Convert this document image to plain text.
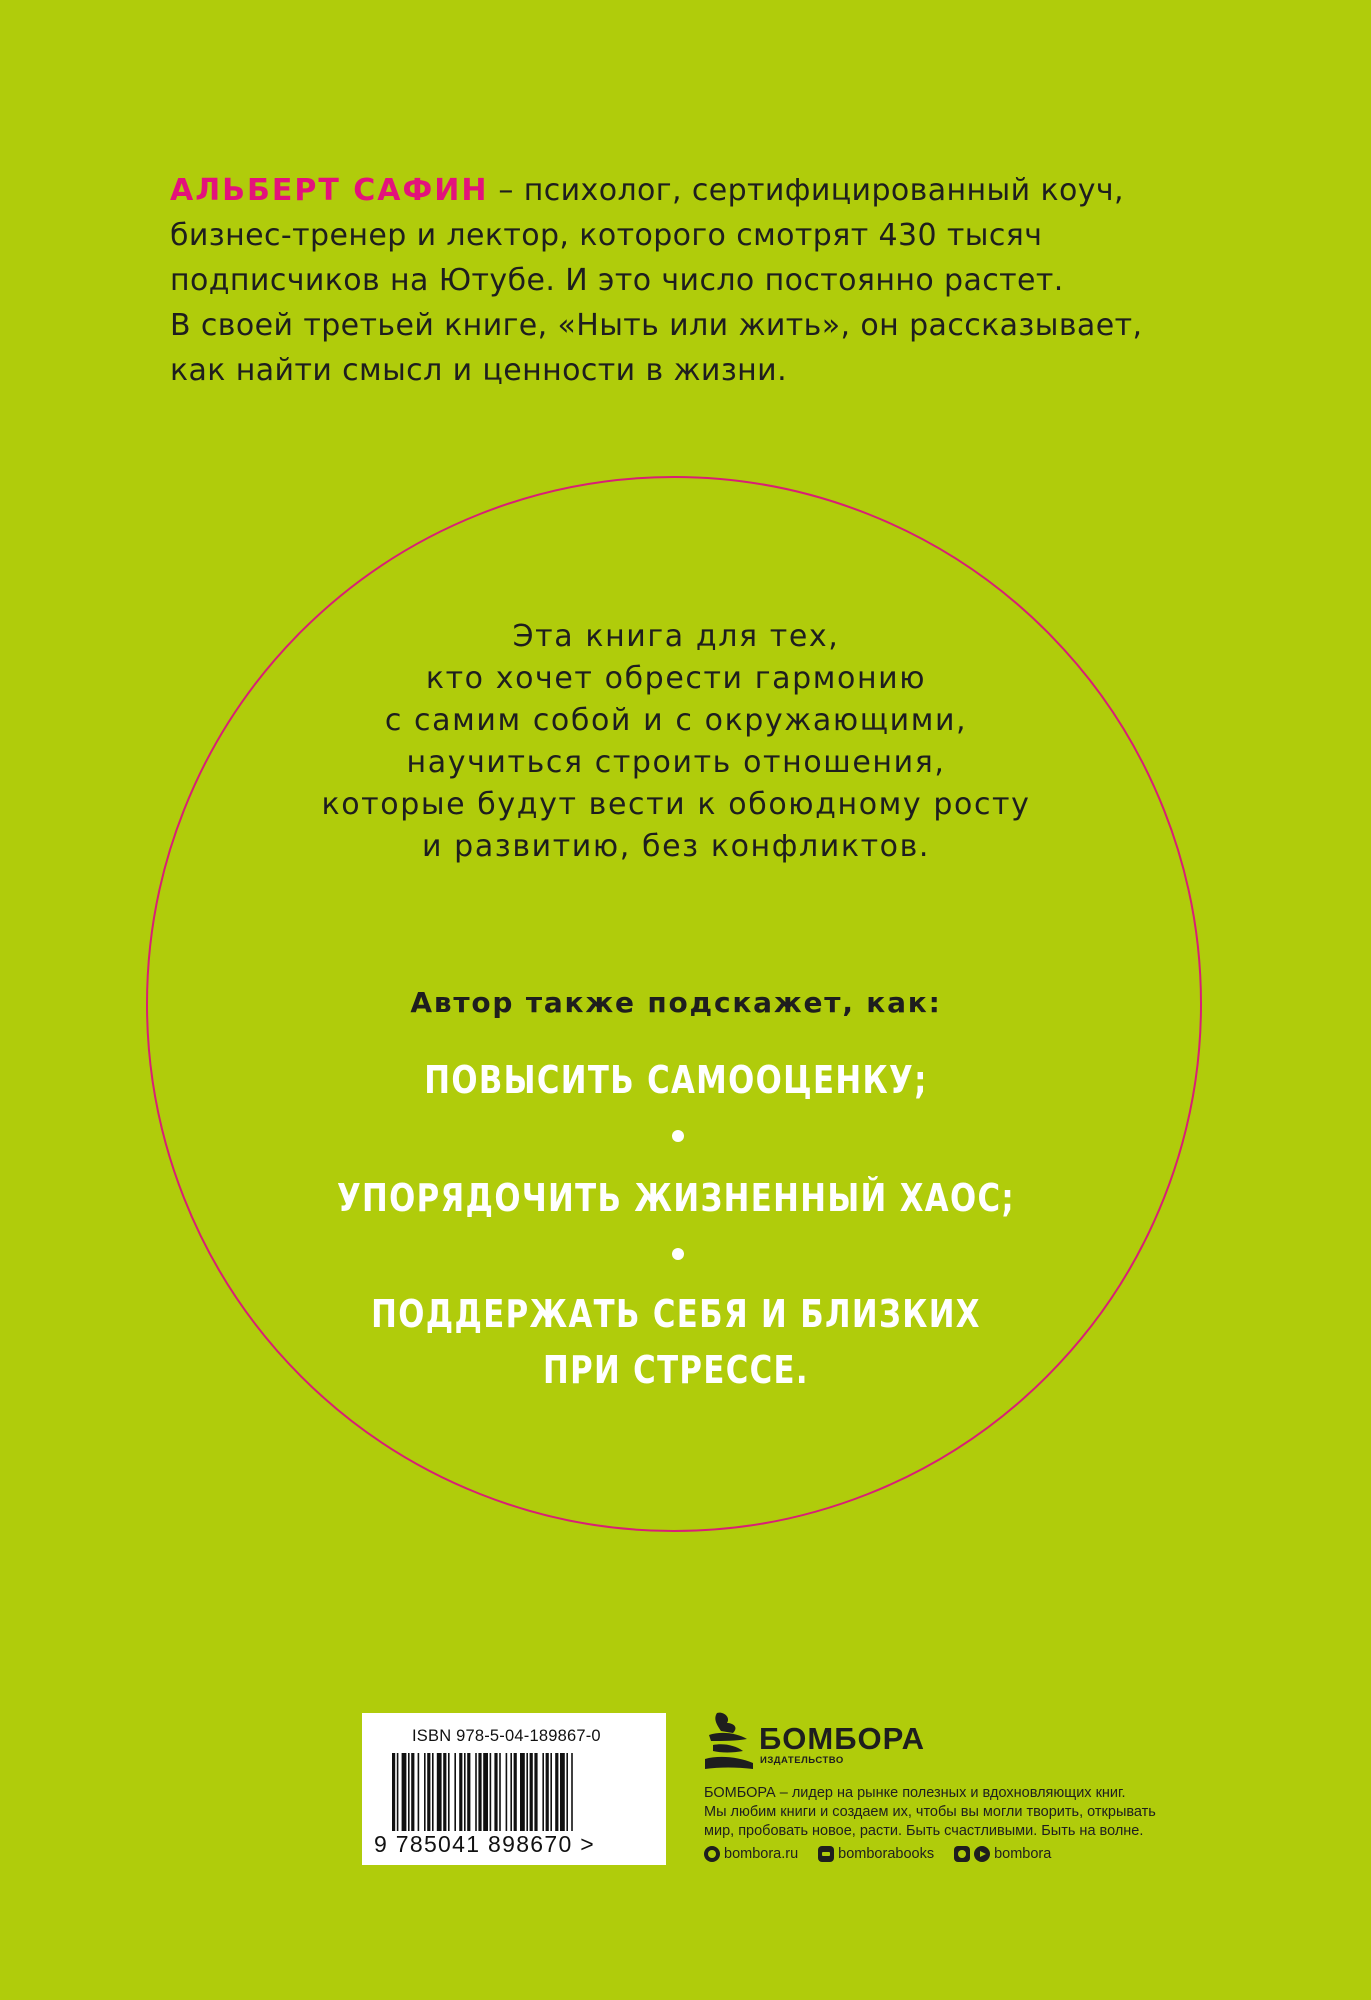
АЛЬБЕРТ САФИН – психолог, сертифицированный коуч,
бизнес-тренер и лектор, которого смотрят 430 тысяч
подписчиков на Ютубе. И это число постоянно растет.
В своей третьей книге, «Ныть или жить», он рассказывает,
как найти смысл и ценности в жизни.
Эта книга для тех,
кто хочет обрести гармонию
с самим собой и с окружающими,
научиться строить отношения,
которые будут вести к обоюдному росту
и развитию, без конфликтов.
Автор также подскажет, как:
ПОВЫСИТЬ САМООЦЕНКУ;
УПОРЯДОЧИТЬ ЖИЗНЕННЫЙ ХАОС;
ПОДДЕРЖАТЬ СЕБЯ И БЛИЗКИХ
ПРИ СТРЕССЕ.
ISBN 978-5-04-189867-0
9 785041 898670 >
БОМБОРА
ИЗДАТЕЛЬСТВО
БОМБОРА – лидер на рынке полезных и вдохновляющих книг.
Мы любим книги и создаем их, чтобы вы могли творить, открывать
мир, пробовать новое, расти. Быть счастливыми. Быть на волне.
bombora.ru	bomborabooks	bombora
